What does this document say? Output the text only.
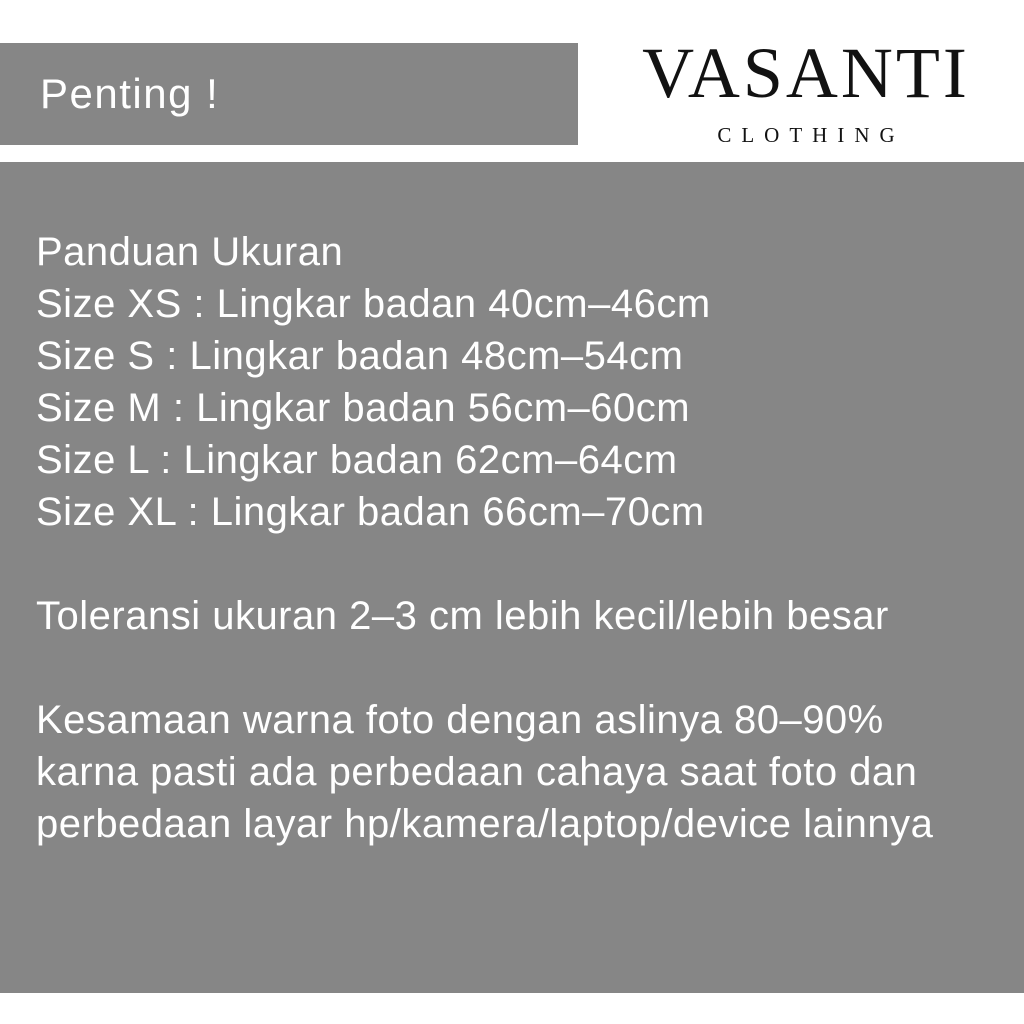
Penting !	VASANTI
CLOTHING
Panduan Ukuran
Size XS : Lingkar badan 40cm–46cm
Size S : Lingkar badan 48cm–54cm
Size M : Lingkar badan 56cm–60cm
Size L : Lingkar badan 62cm–64cm
Size XL : Lingkar badan 66cm–70cm
Toleransi ukuran 2–3 cm lebih kecil/lebih besar
Kesamaan warna foto dengan aslinya 80–90%
karna pasti ada perbedaan cahaya saat foto dan
perbedaan layar hp/kamera/laptop/device lainnya
